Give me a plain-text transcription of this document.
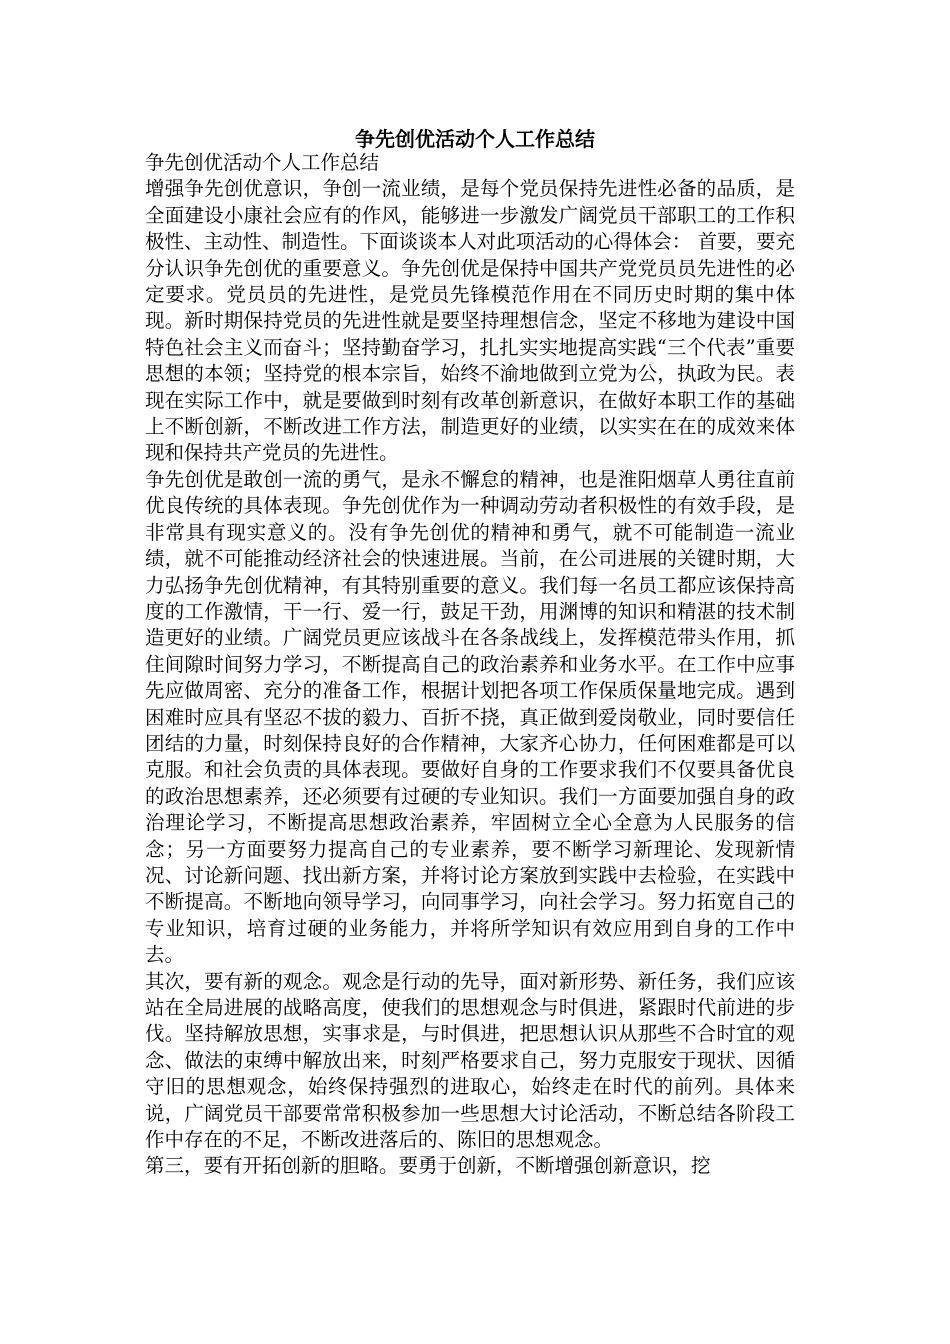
争先创优活动个人工作总结

争先创优活动个人工作总结

增强争先创优意识，争创一流业绩，是每个党员保持先进性必备的品质，是全面建设小康社会应有的作风，能够进一步激发广阔党员干部职工的工作积极性、主动性、制造性。下面谈谈本人对此项活动的心得体会： 首要，要充分认识争先创优的重要意义。争先创优是保持中国共产党党员员先进性的必定要求。党员员的先进性，是党员先锋模范作用在不同历史时期的集中体现。新时期保持党员的先进性就是要坚持理想信念，坚定不移地为建设中国特色社会主义而奋斗；坚持勤奋学习，扎扎实实地提高实践“三个代表”重要思想的本领；坚持党的根本宗旨，始终不渝地做到立党为公，执政为民。表现在实际工作中，就是要做到时刻有改革创新意识，在做好本职工作的基础上不断创新，不断改进工作方法，制造更好的业绩，以实实在在的成效来体现和保持共产党员的先进性。

争先创优是敢创一流的勇气，是永不懈怠的精神，也是淮阳烟草人勇往直前优良传统的具体表现。争先创优作为一种调动劳动者积极性的有效手段，是非常具有现实意义的。没有争先创优的精神和勇气，就不可能制造一流业绩，就不可能推动经济社会的快速进展。当前，在公司进展的关键时期，大力弘扬争先创优精神，有其特别重要的意义。我们每一名员工都应该保持高度的工作激情，干一行、爱一行，鼓足干劲，用渊博的知识和精湛的技术制造更好的业绩。广阔党员更应该战斗在各条战线上，发挥模范带头作用，抓住间隙时间努力学习，不断提高自己的政治素养和业务水平。在工作中应事先应做周密、充分的准备工作，根据计划把各项工作保质保量地完成。遇到困难时应具有坚忍不拔的毅力、百折不挠，真正做到爱岗敬业，同时要信任团结的力量，时刻保持良好的合作精神，大家齐心协力，任何困难都是可以克服。和社会负责的具体表现。要做好自身的工作要求我们不仅要具备优良的政治思想素养，还必须要有过硬的专业知识。我们一方面要加强自身的政治理论学习，不断提高思想政治素养，牢固树立全心全意为人民服务的信念；另一方面要努力提高自己的专业素养，要不断学习新理论、发现新情况、讨论新问题、找出新方案，并将讨论方案放到实践中去检验，在实践中不断提高。不断地向领导学习，向同事学习，向社会学习。努力拓宽自己的专业知识，培育过硬的业务能力，并将所学知识有效应用到自身的工作中去。

其次，要有新的观念。观念是行动的先导，面对新形势、新任务，我们应该站在全局进展的战略高度，使我们的思想观念与时俱进，紧跟时代前进的步伐。坚持解放思想，实事求是，与时俱进，把思想认识从那些不合时宜的观念、做法的束缚中解放出来，时刻严格要求自己，努力克服安于现状、因循守旧的思想观念，始终保持强烈的进取心，始终走在时代的前列。具体来说，广阔党员干部要常常积极参加一些思想大讨论活动，不断总结各阶段工作中存在的不足，不断改进落后的、陈旧的思想观念。

第三，要有开拓创新的胆略。要勇于创新，不断增强创新意识，挖
